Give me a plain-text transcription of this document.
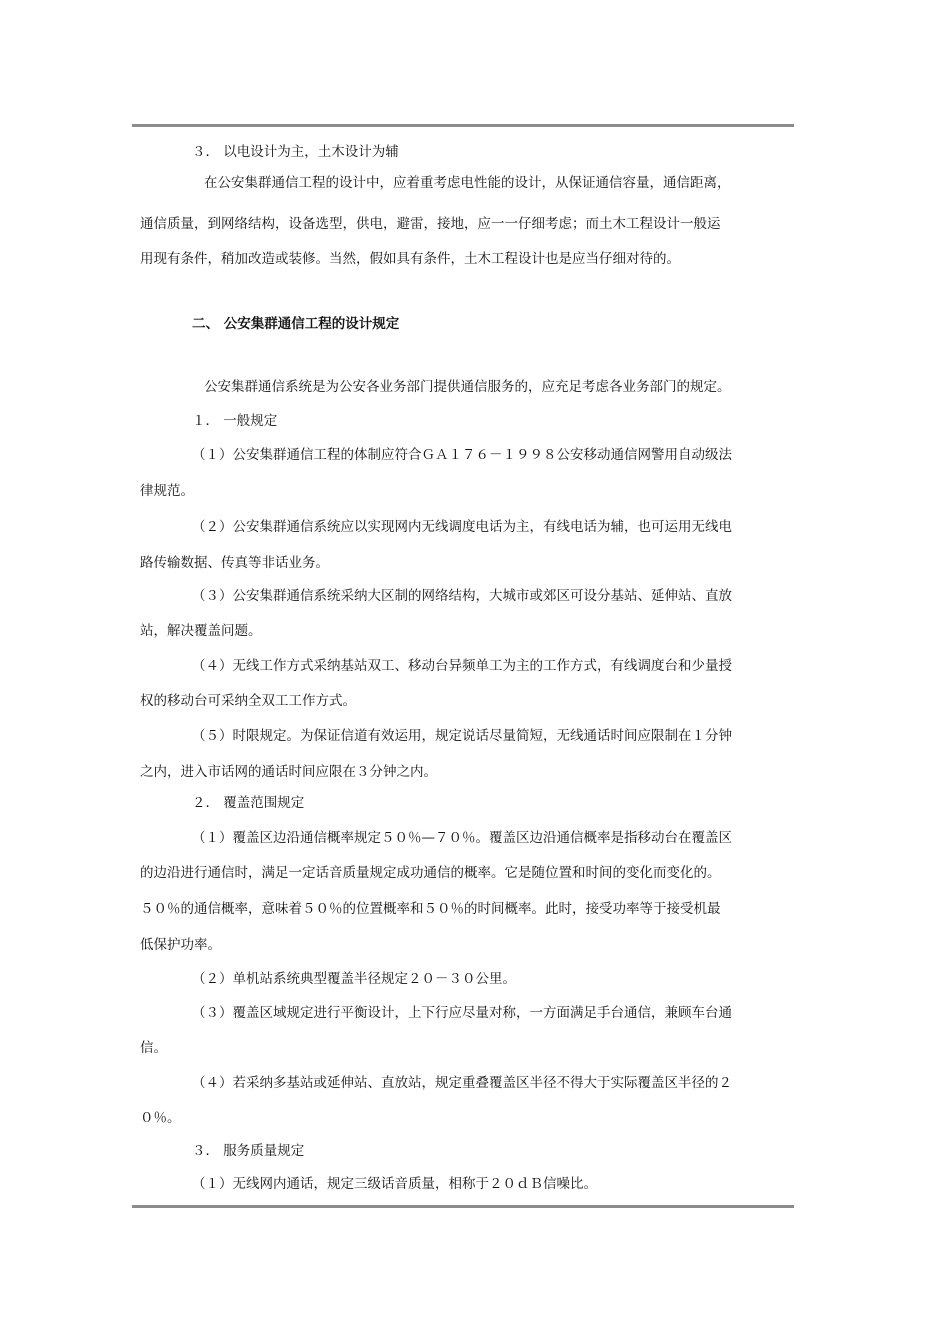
３． 以电设计为主，土木设计为辅
在公安集群通信工程的设计中，应着重考虑电性能的设计，从保证通信容量，通信距离，
通信质量，到网络结构，设备选型，供电，避雷，接地，应一一仔细考虑；而土木工程设计一般运
用现有条件，稍加改造或装修。当然，假如具有条件，土木工程设计也是应当仔细对待的。
二、 公安集群通信工程的设计规定
公安集群通信系统是为公安各业务部门提供通信服务的，应充足考虑各业务部门的规定。
１． 一般规定
（１）公安集群通信工程的体制应符合ＧＡ１７６－１９９８公安移动通信网警用自动级法
律规范。
（２）公安集群通信系统应以实现网内无线调度电话为主，有线电话为辅，也可运用无线电
路传输数据、传真等非话业务。
（３）公安集群通信系统采纳大区制的网络结构，大城市或郊区可设分基站、延伸站、直放
站，解决覆盖问题。
（４）无线工作方式采纳基站双工、移动台异频单工为主的工作方式，有线调度台和少量授
权的移动台可采纳全双工工作方式。
（５）时限规定。为保证信道有效运用，规定说话尽量简短，无线通话时间应限制在１分钟
之内，进入市话网的通话时间应限在３分钟之内。
２． 覆盖范围规定
（１）覆盖区边沿通信概率规定５０％—７０％。覆盖区边沿通信概率是指移动台在覆盖区
的边沿进行通信时，满足一定话音质量规定成功通信的概率。它是随位置和时间的变化而变化的。
５０％的通信概率，意味着５０％的位置概率和５０％的时间概率。此时，接受功率等于接受机最
低保护功率。
（２）单机站系统典型覆盖半径规定２０－３０公里。
（３）覆盖区域规定进行平衡设计，上下行应尽量对称，一方面满足手台通信，兼顾车台通
信。
（４）若采纳多基站或延伸站、直放站，规定重叠覆盖区半径不得大于实际覆盖区半径的２
０％。
３． 服务质量规定
（１）无线网内通话，规定三级话音质量，相称于２０ｄＢ信噪比。
